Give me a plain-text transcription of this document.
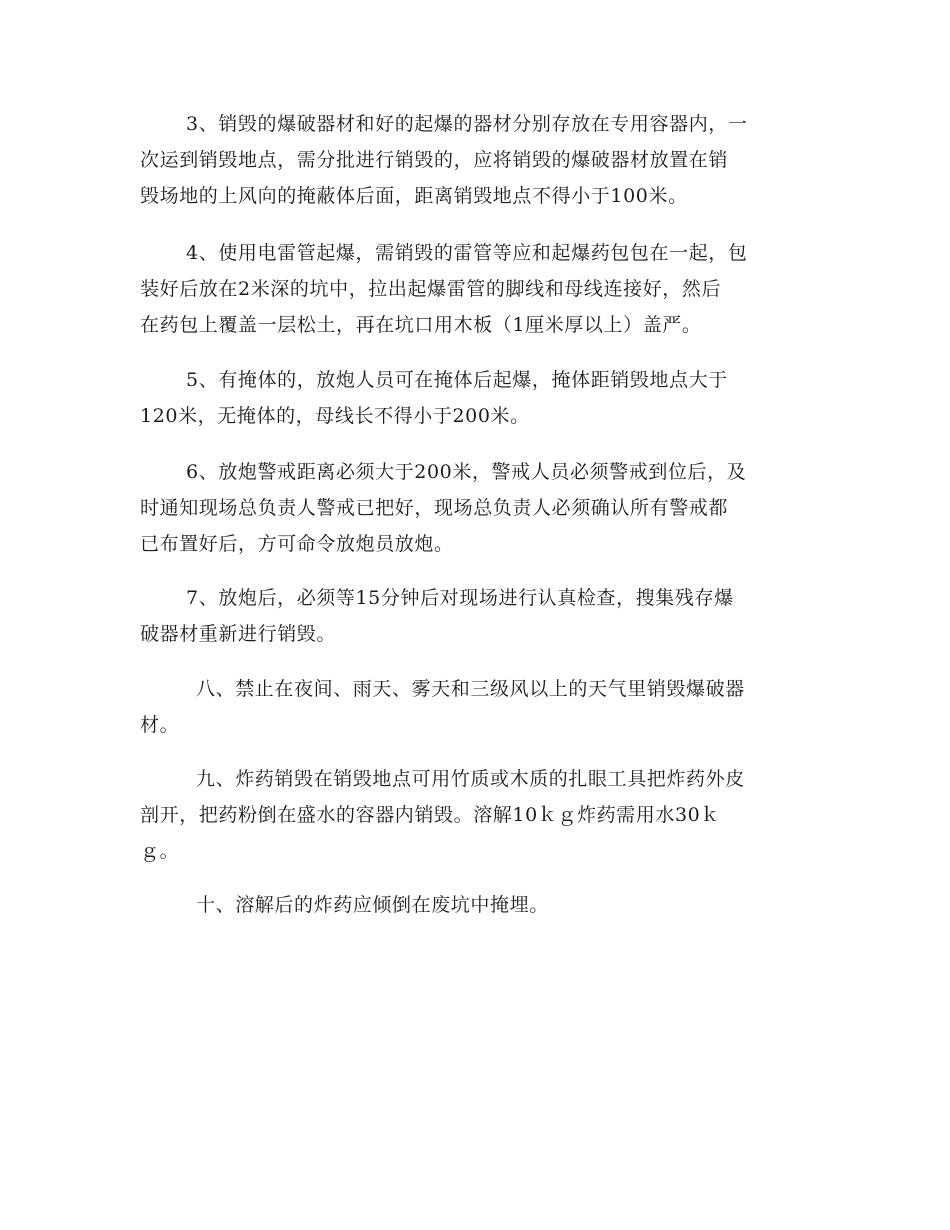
3、销毁的爆破器材和好的起爆的器材分别存放在专用容器内，一
次运到销毁地点，需分批进行销毁的，应将销毁的爆破器材放置在销
毁场地的上风向的掩蔽体后面，距离销毁地点不得小于100米。

4、使用电雷管起爆，需销毁的雷管等应和起爆药包包在一起，包
装好后放在2米深的坑中，拉出起爆雷管的脚线和母线连接好，然后
在药包上覆盖一层松土，再在坑口用木板（1厘米厚以上）盖严。

5、有掩体的，放炮人员可在掩体后起爆，掩体距销毁地点大于
120米，无掩体的，母线长不得小于200米。

6、放炮警戒距离必须大于200米，警戒人员必须警戒到位后，及
时通知现场总负责人警戒已把好，现场总负责人必须确认所有警戒都
已布置好后，方可命令放炮员放炮。

7、放炮后，必须等15分钟后对现场进行认真检查，搜集残存爆
破器材重新进行销毁。

八、禁止在夜间、雨天、雾天和三级风以上的天气里销毁爆破器
材。

九、炸药销毁在销毁地点可用竹质或木质的扎眼工具把炸药外皮
剖开，把药粉倒在盛水的容器内销毁。溶解10ｋｇ炸药需用水30ｋ
ｇ。

十、溶解后的炸药应倾倒在废坑中掩埋。
